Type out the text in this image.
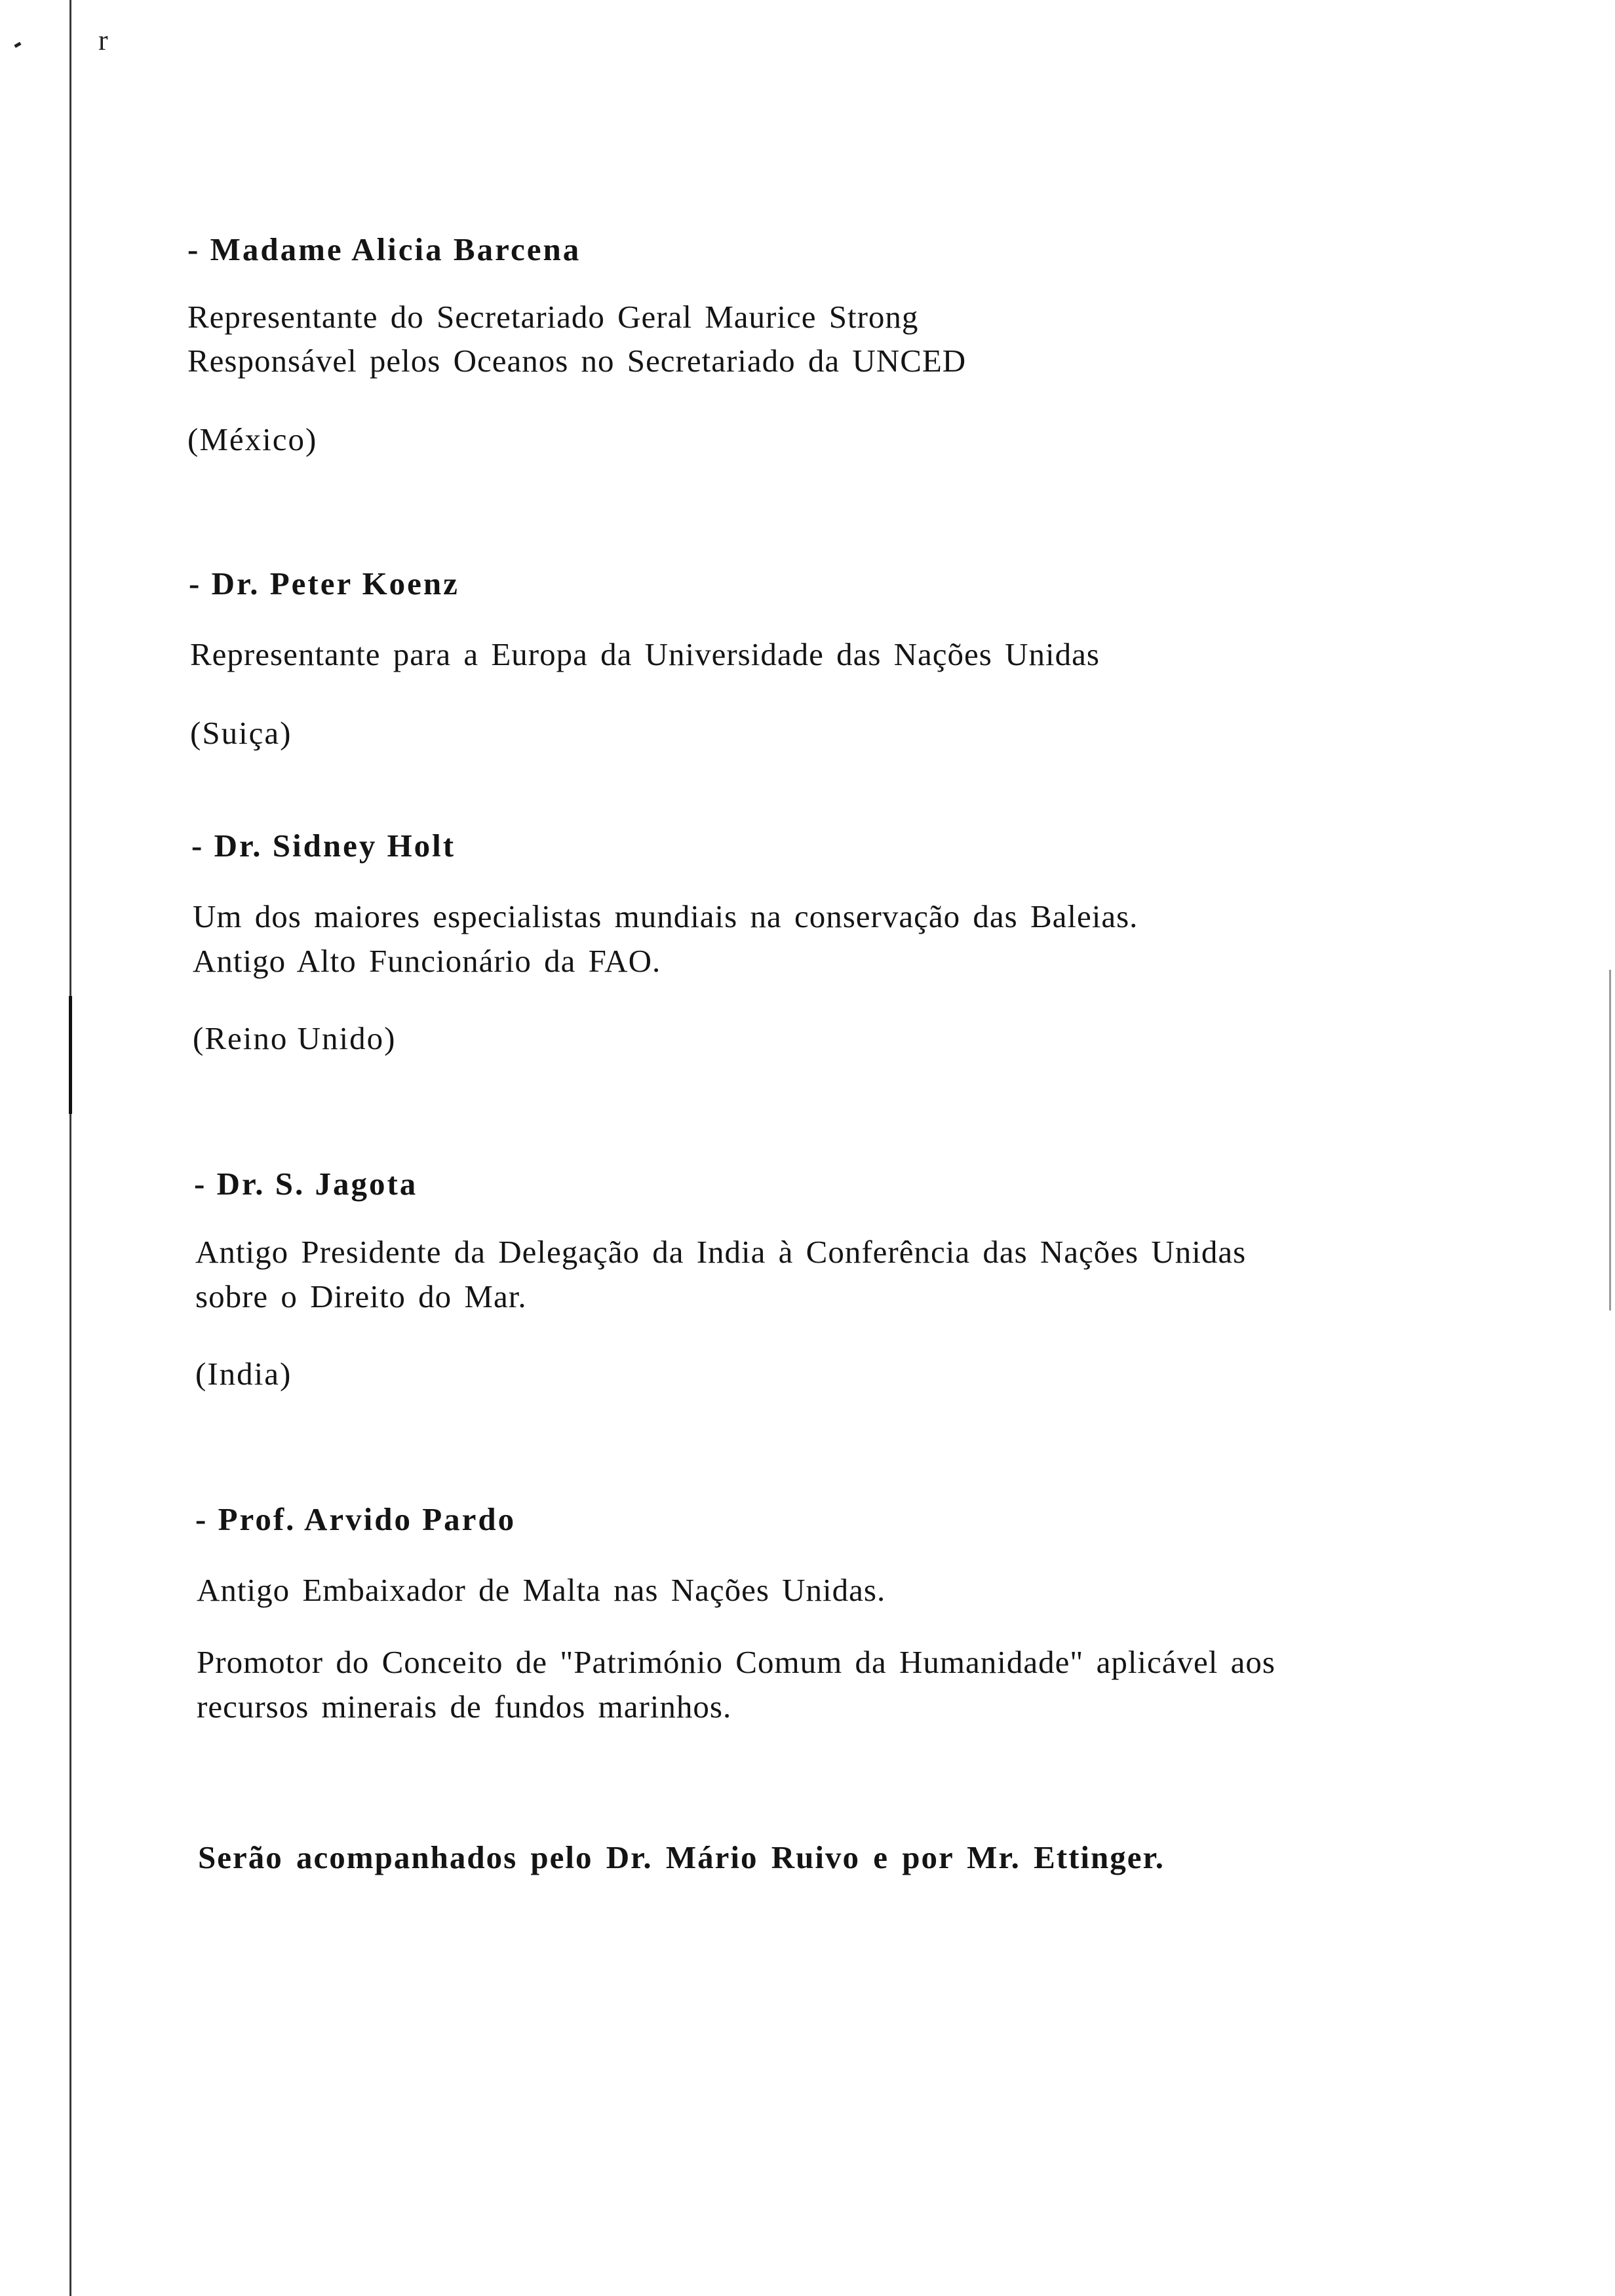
r
- Madame Alicia Barcena
Representante do Secretariado Geral Maurice Strong
Responsável pelos Oceanos no Secretariado da UNCED
(México)
- Dr. Peter Koenz
Representante para a Europa da Universidade das Nações Unidas
(Suiça)
- Dr. Sidney Holt
Um dos maiores especialistas mundiais na conservação das Baleias.
Antigo Alto Funcionário da FAO.
(Reino Unido)
- Dr. S. Jagota
Antigo Presidente da Delegação da India à Conferência das Nações Unidas
sobre o Direito do Mar.
(India)
- Prof. Arvido Pardo
Antigo Embaixador de Malta nas Nações Unidas.
Promotor do Conceito de "Património Comum da Humanidade" aplicável aos
recursos minerais de fundos marinhos.
Serão acompanhados pelo Dr. Mário Ruivo e por Mr. Ettinger.
